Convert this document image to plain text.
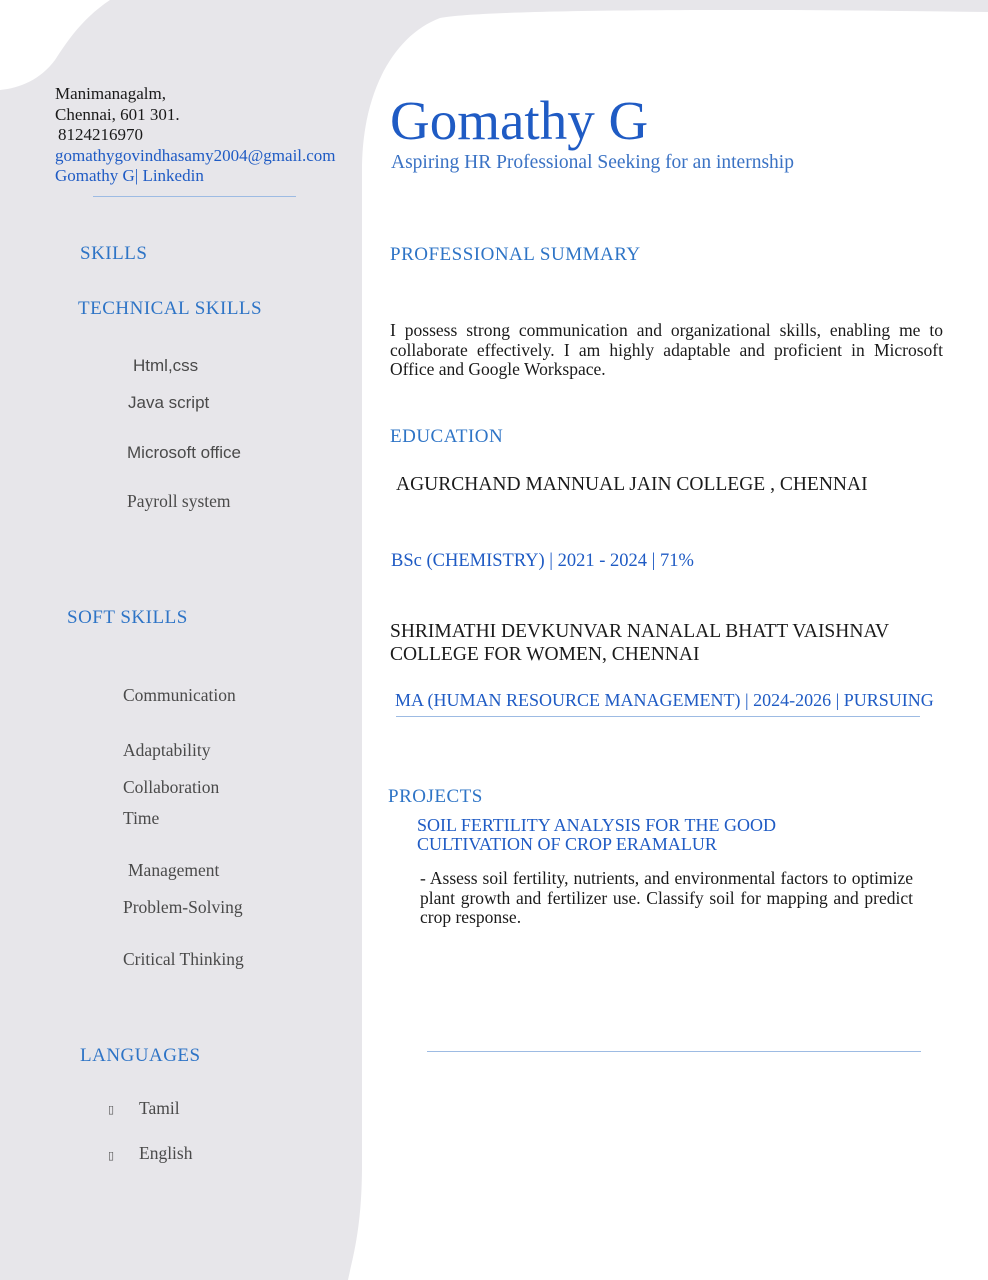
Manimanagalm,
Chennai, 601 301.
8124216970
gomathygovindhasamy2004@gmail.com
Gomathy G| Linkedin
Gomathy G
Aspiring HR Professional Seeking for an internship
SKILLS
TECHNICAL SKILLS
Html,css
Java script
Microsoft office
Payroll system
SOFT SKILLS
Communication
Adaptability
Collaboration
Time
Management
Problem-Solving
Critical Thinking
LANGUAGES
▯ Tamil
▯ English
PROFESSIONAL SUMMARY
I possess strong communication and organizational skills, enabling me to collaborate effectively. I am highly adaptable and proficient in Microsoft Office and Google Workspace.
EDUCATION
AGURCHAND MANNUAL JAIN COLLEGE , CHENNAI
BSc (CHEMISTRY) | 2021 - 2024 | 71%
SHRIMATHI DEVKUNVAR NANALAL BHATT VAISHNAV
COLLEGE FOR WOMEN, CHENNAI
MA (HUMAN RESOURCE MANAGEMENT) | 2024-2026 | PURSUING
PROJECTS
SOIL FERTILITY ANALYSIS FOR THE GOOD
CULTIVATION OF CROP ERAMALUR
- Assess soil fertility, nutrients, and environmental factors to optimize plant growth and fertilizer use. Classify soil for mapping and predict crop response.
